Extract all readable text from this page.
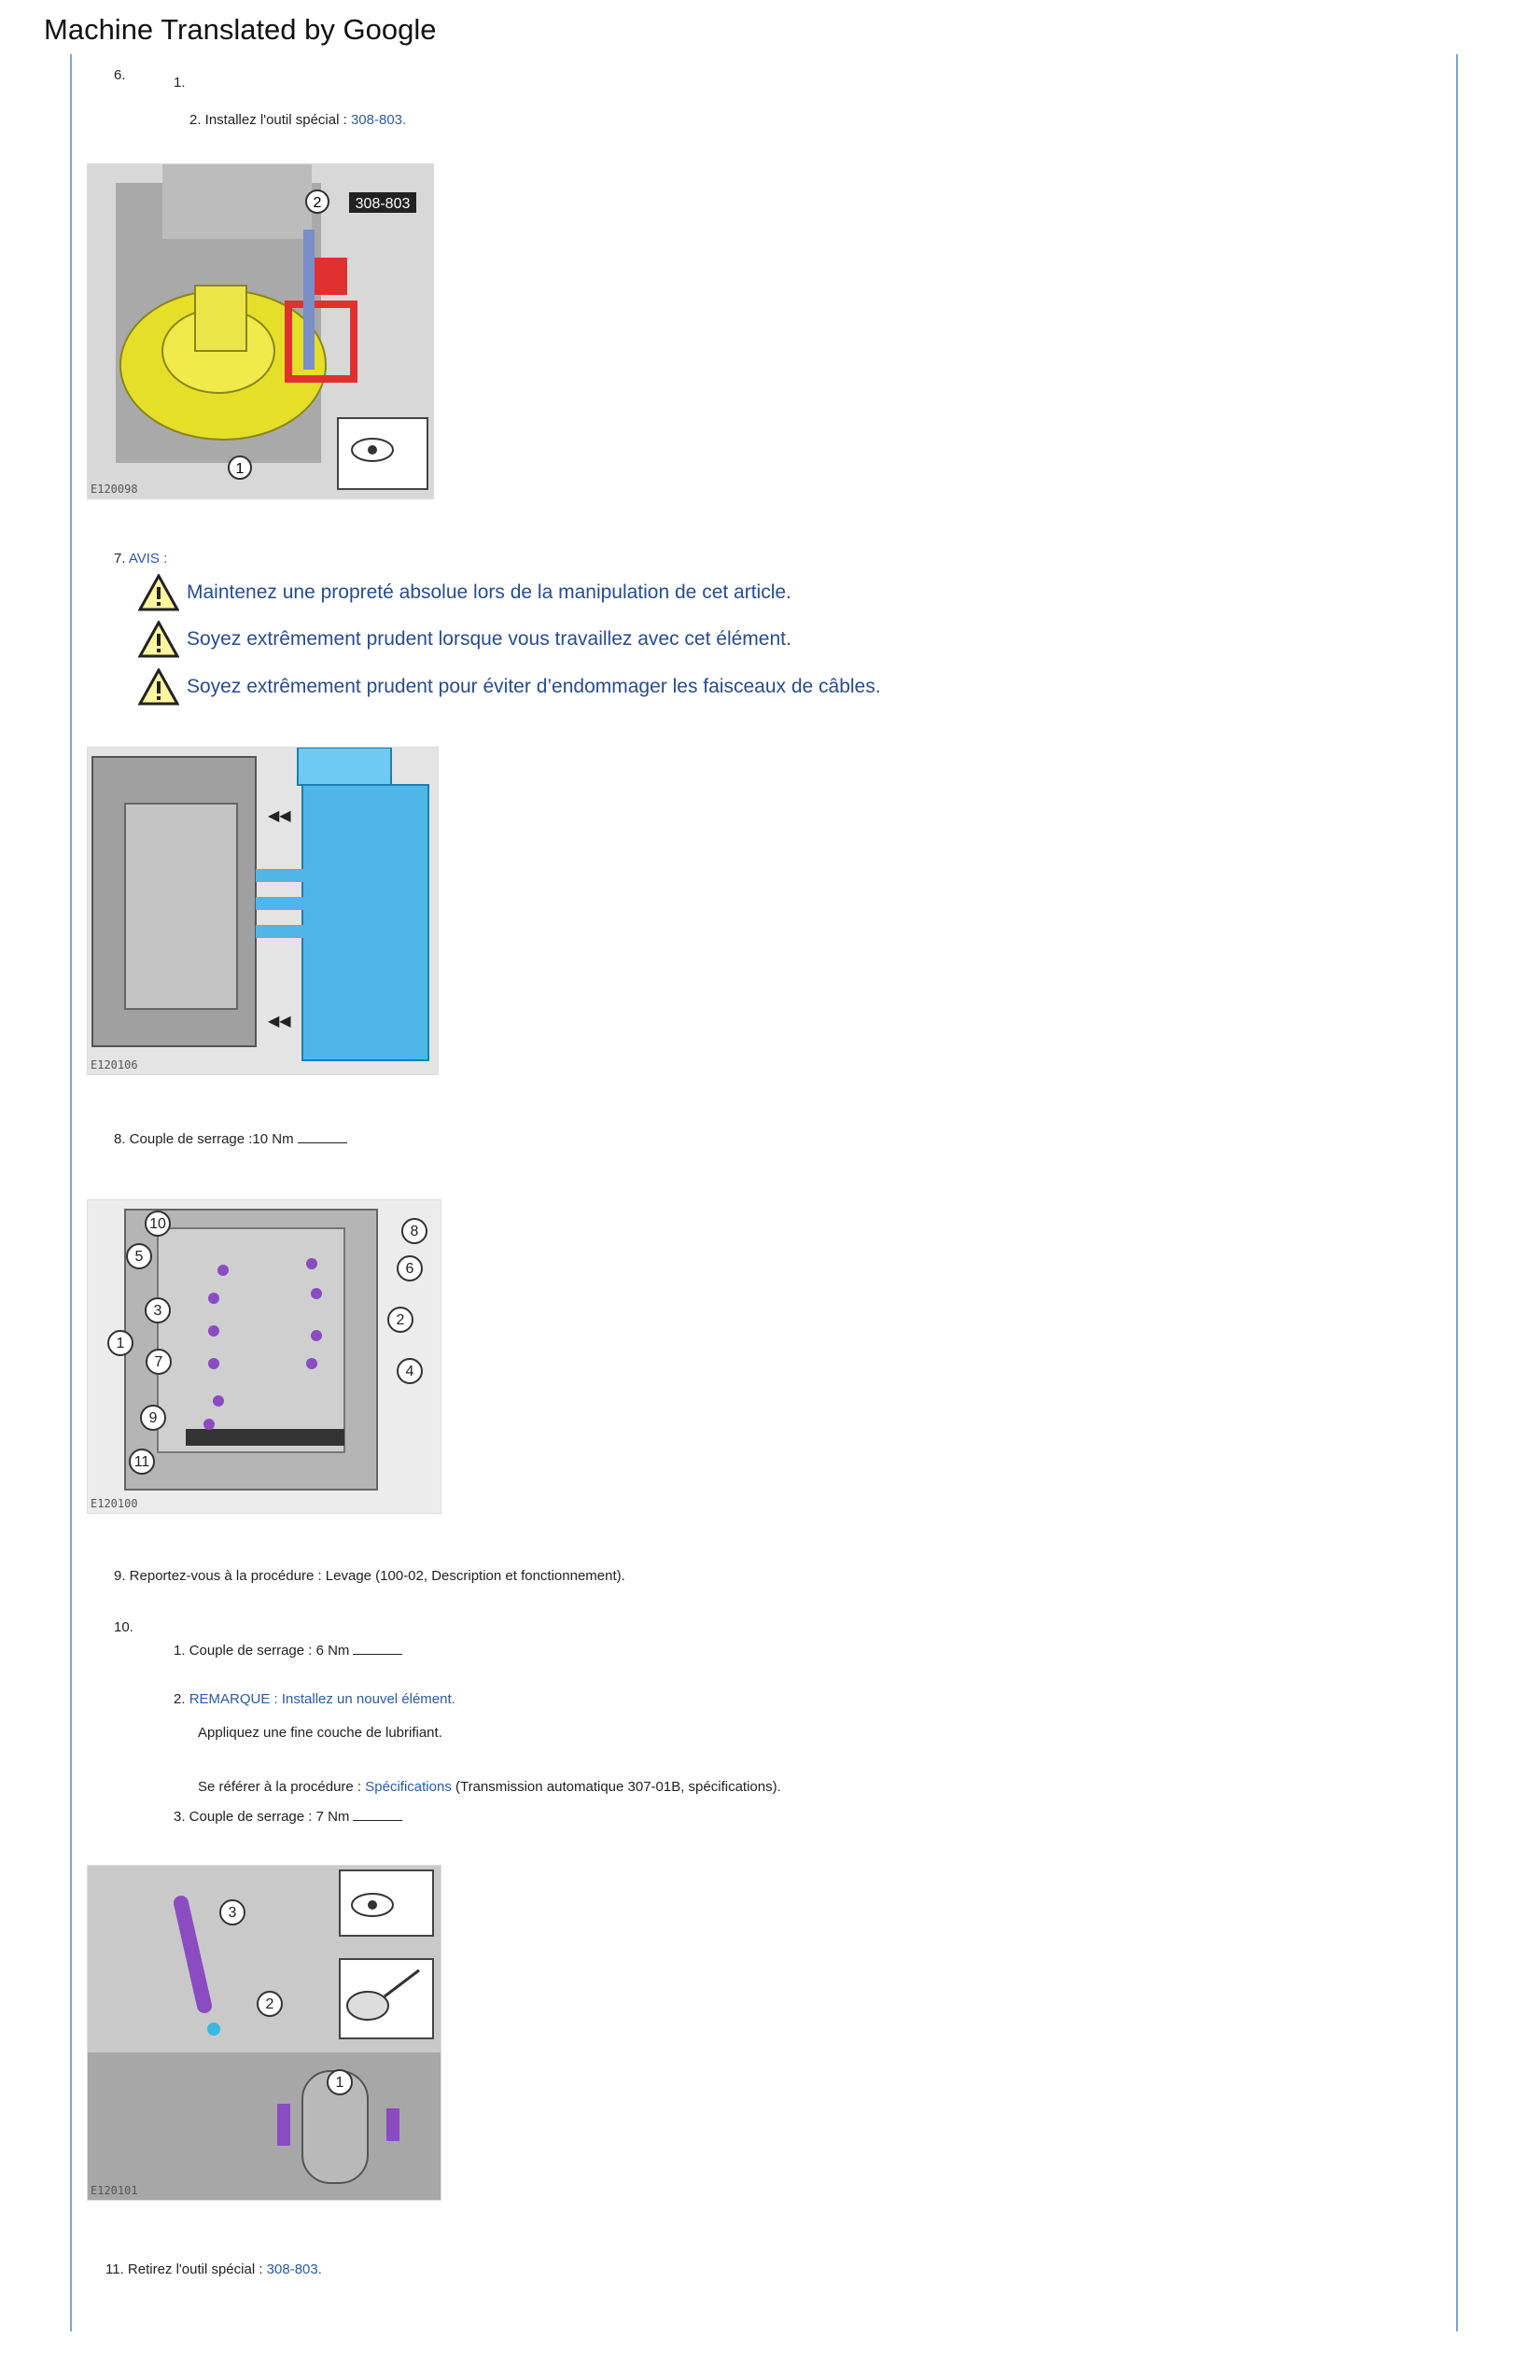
Machine Translated by Google
6.	1.
2. Installez l'outil spécial : 308-803.
308-803
2
1
E120098
7. AVIS :
Maintenez une propreté absolue lors de la manipulation de cet article.
Soyez extrêmement prudent lorsque vous travaillez avec cet élément.
Soyez extrêmement prudent pour éviter d’endommager les faisceaux de câbles.
◀◀
◀◀
E120106
8. Couple de serrage :10 Nm
10	8
5
6
3
2
1
7
4
9
11
E120100
9. Reportez-vous à la procédure : Levage (100-02, Description et fonctionnement).
10.
1. Couple de serrage : 6 Nm
2. REMARQUE : Installez un nouvel élément.
Appliquez une fine couche de lubrifiant.
Se référer à la procédure : Spécifications (Transmission automatique 307-01B, spécifications).
3. Couple de serrage : 7 Nm
3
2
1
E120101
11. Retirez l'outil spécial : 308-803.
